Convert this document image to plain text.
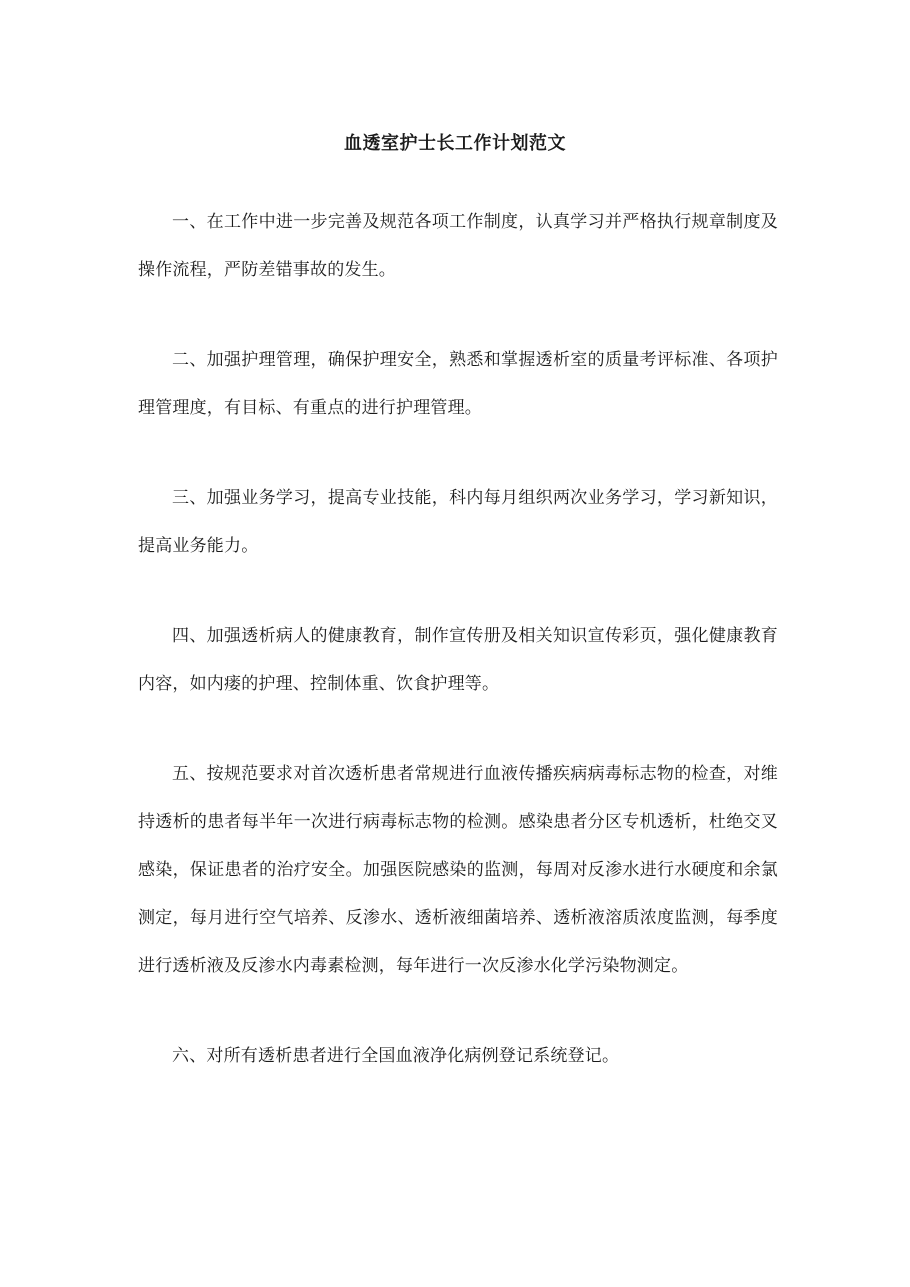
血透室护士长工作计划范文

一、在工作中进一步完善及规范各项工作制度，认真学习并严格执行规章制度及操作流程，严防差错事故的发生。

二、加强护理管理，确保护理安全，熟悉和掌握透析室的质量考评标准、各项护理管理度，有目标、有重点的进行护理管理。

三、加强业务学习，提高专业技能，科内每月组织两次业务学习，学习新知识，提高业务能力。

四、加强透析病人的健康教育，制作宣传册及相关知识宣传彩页，强化健康教育内容，如内瘘的护理、控制体重、饮食护理等。

五、按规范要求对首次透析患者常规进行血液传播疾病病毒标志物的检查，对维持透析的患者每半年一次进行病毒标志物的检测。感染患者分区专机透析，杜绝交叉感染，保证患者的治疗安全。加强医院感染的监测，每周对反渗水进行水硬度和余氯测定，每月进行空气培养、反渗水、透析液细菌培养、透析液溶质浓度监测，每季度进行透析液及反渗水内毒素检测，每年进行一次反渗水化学污染物测定。

六、对所有透析患者进行全国血液净化病例登记系统登记。
